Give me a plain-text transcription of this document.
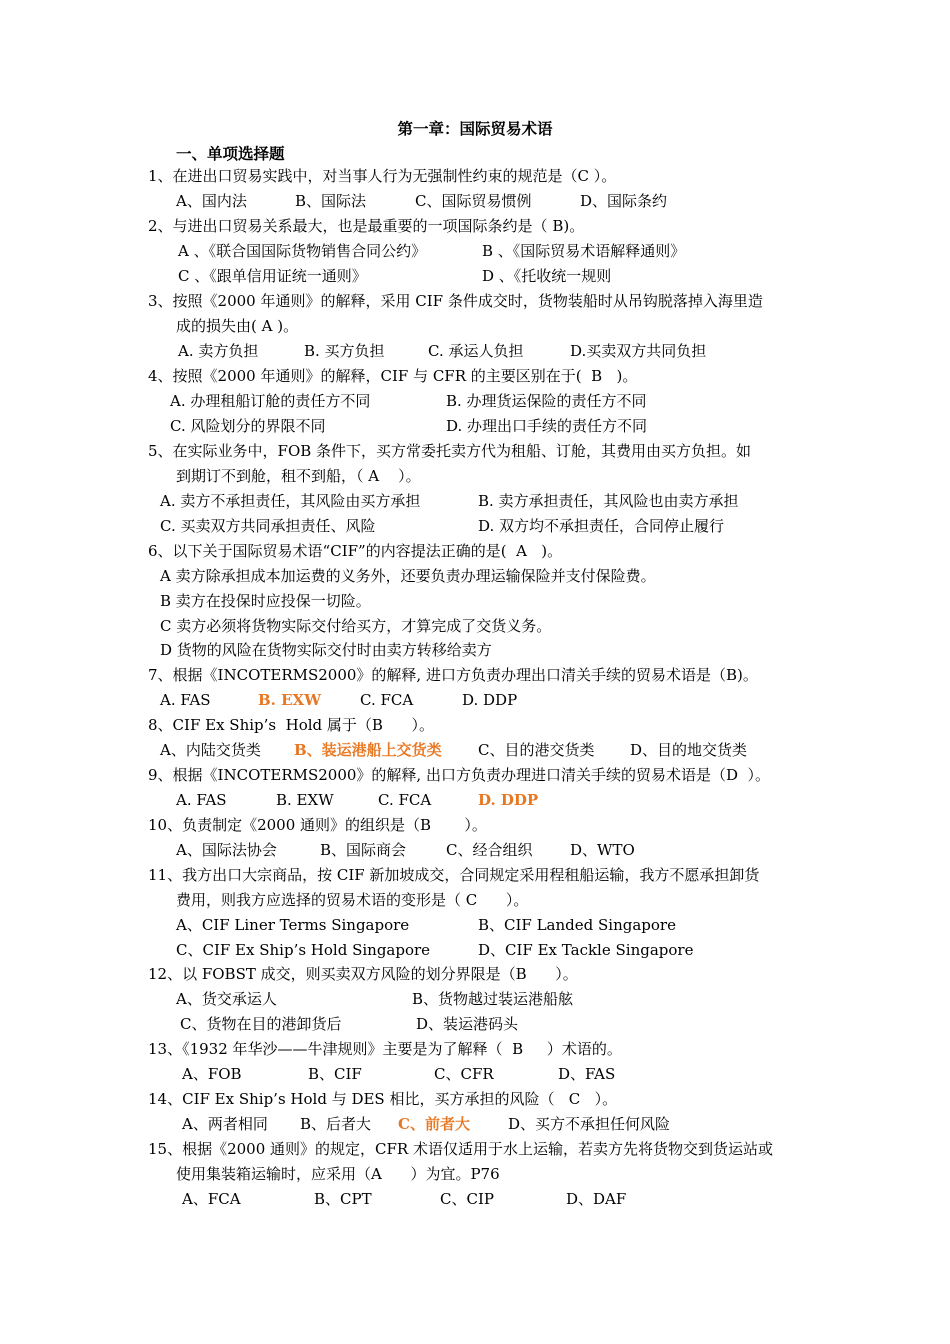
第一章：国际贸易术语
一、单项选择题
1、在进出口贸易实践中，对当事人行为无强制性约束的规范是（C ）。
A、国内法	B、国际法	C、国际贸易惯例	D、国际条约
2、与进出口贸易关系最大，也是最重要的一项国际条约是（ B)。
A 、《联合国国际货物销售合同公约》	B 、《国际贸易术语解释通则》
C 、《跟单信用证统一通则》	D 、《托收统一规则
3、按照《2000 年通则》的解释，采用 CIF 条件成交时，货物装船时从吊钩脱落掉入海里造
成的损失由( A )。
A. 卖方负担	B. 买方负担	C. 承运人负担	D.买卖双方共同负担
4、按照《2000 年通则》的解释，CIF 与 CFR 的主要区别在于(  B   )。
A. 办理租船订舱的责任方不同	B. 办理货运保险的责任方不同
C. 风险划分的界限不同	D. 办理出口手续的责任方不同
5、在实际业务中，FOB 条件下，买方常委托卖方代为租船、订舱，其费用由买方负担。如
到期订不到舱，租不到船，（ A    ）。
A. 卖方不承担责任，其风险由买方承担	B. 卖方承担责任，其风险也由卖方承担
C. 买卖双方共同承担责任、风险	D. 双方均不承担责任，合同停止履行
6、以下关于国际贸易术语“CIF”的内容提法正确的是(  A   )。
A 卖方除承担成本加运费的义务外，还要负责办理运输保险并支付保险费。
B 卖方在投保时应投保一切险。
C 卖方必须将货物实际交付给买方，才算完成了交货义务。
D 货物的风险在货物实际交付时由卖方转移给卖方
7、根据《INCOTERMS2000》的解释, 进口方负责办理出口清关手续的贸易术语是（B)。
A. FAS	B. EXW	C. FCA	D. DDP
8、CIF Ex Ship’s  Hold 属于（B      ）。
A、内陆交货类 B、装运港船上交货类 C、目的港交货类 D、目的地交货类
9、根据《INCOTERMS2000》的解释, 出口方负责办理进口清关手续的贸易术语是（D  ）。
A. FAS	B. EXW	C. FCA	D. DDP
10、负责制定《2000 通则》的组织是（B       ）。
A、国际法协会	B、国际商会	C、经合组织	D、WTO
11、我方出口大宗商品，按 CIF 新加坡成交，合同规定采用程租船运输，我方不愿承担卸货
费用，则我方应选择的贸易术语的变形是（ C      ）。
A、CIF Liner Terms Singapore	B、CIF Landed Singapore
C、CIF Ex Ship’s Hold Singapore	D、CIF Ex Tackle Singapore
12、以 FOBST 成交，则买卖双方风险的划分界限是（B      ）。
A、货交承运人	B、货物越过装运港船舷
C、货物在目的港卸货后	D、装运港码头
13、《1932 年华沙——牛津规则》主要是为了解释（  B     ）术语的。
A、FOB	B、CIF	C、CFR	D、FAS
14、CIF Ex Ship’s Hold 与 DES 相比，买方承担的风险（   C   ）。
A、两者相同 B、后者大 C、前者大	D、买方不承担任何风险
15、根据《2000 通则》的规定，CFR 术语仅适用于水上运输，若卖方先将货物交到货运站或
使用集装箱运输时，应采用（A      ）为宜。P76
A、FCA	B、CPT	C、CIP	D、DAF
